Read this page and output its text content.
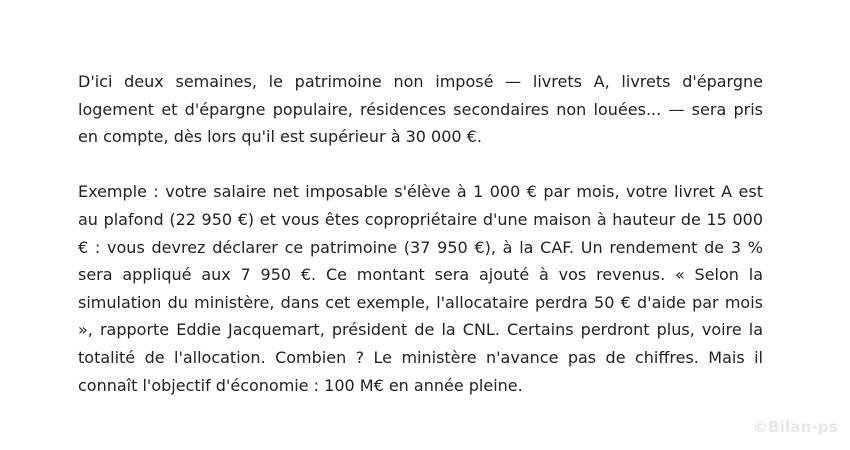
D'ici deux semaines, le patrimoine non imposé — livrets A, livrets d'épargne logement et d'épargne populaire, résidences secondaires non louées... — sera pris en compte, dès lors qu'il est supérieur à 30 000 €.

Exemple : votre salaire net imposable s'élève à 1 000 € par mois, votre livret A est au plafond (22 950 €) et vous êtes copropriétaire d'une maison à hauteur de 15 000 € : vous devrez déclarer ce patrimoine (37 950 €), à la CAF. Un rendement de 3 % sera appliqué aux 7 950 €. Ce montant sera ajouté à vos revenus. « Selon la simulation du ministère, dans cet exemple, l'allocataire perdra 50 € d'aide par mois », rapporte Eddie Jacquemart, président de la CNL. Certains perdront plus, voire la totalité de l'allocation. Combien ? Le ministère n'avance pas de chiffres. Mais il connaît l'objectif d'économie : 100 M€ en année pleine.

©Bilan-ps
